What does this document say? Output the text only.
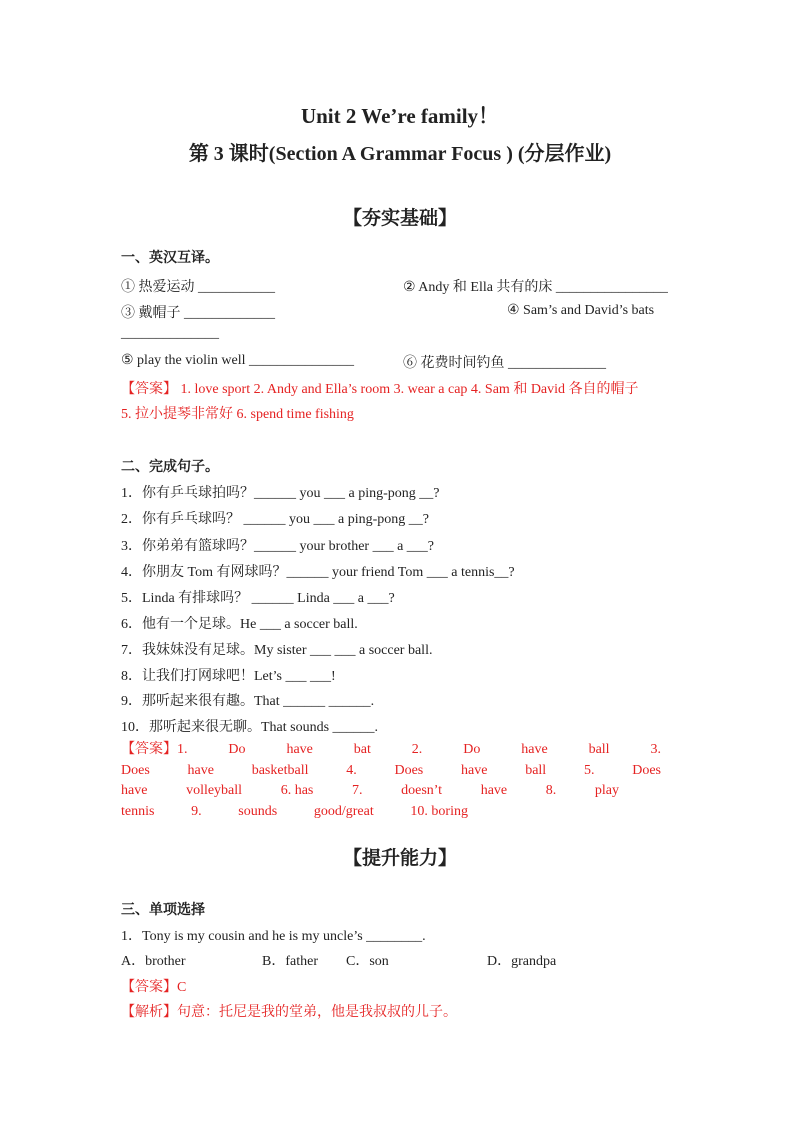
Unit 2 We’re family！
第 3 课时(Section A Grammar Focus ) (分层作业)
【夯实基础】
一、英汉互译。
① 热爱运动 ___________	② Andy 和 Ella 共有的床 ________________
③ 戴帽子 _____________	④ Sam’s and David’s bats
______________
⑤ play the violin well _______________	⑥ 花费时间钓鱼 ______________
【答案】 1. love sport 2. Andy and Ella’s room 3. wear a cap 4. Sam 和 David 各自的帽子
5. 拉小提琴非常好 6. spend time fishing
二、完成句子。
1．你有乒乓球拍吗？______ you ___ a ping-pong __?
2．你有乒乓球吗？ ______ you ___ a ping-pong __?
3．你弟弟有篮球吗？______ your brother ___ a ___?
4．你朋友 Tom 有网球吗？______ your friend Tom ___ a tennis__?
5．Linda 有排球吗？ ______ Linda ___ a ___?
6．他有一个足球。He ___ a soccer ball.
7．我妹妹没有足球。My sister ___ ___ a soccer ball.
8．让我们打网球吧！Let’s ___ ___!
9．那听起来很有趣。That ______ ______.
10．那听起来很无聊。That sounds ______.
【答案】1.	Do	have	bat	2.	Do	have	ball	3.
Does	have	basketball	4.	Does	have	ball	5.	Does
have	volleyball	6. has	7.	doesn’t	have	8.	play
tennis	9.	sounds	good/great	10. boring
【提升能力】
三、单项选择
1．Tony is my cousin and he is my uncle’s ________.
A．brother	B．father C．son	D．grandpa
【答案】C
【解析】句意：托尼是我的堂弟，他是我叔叔的儿子。
